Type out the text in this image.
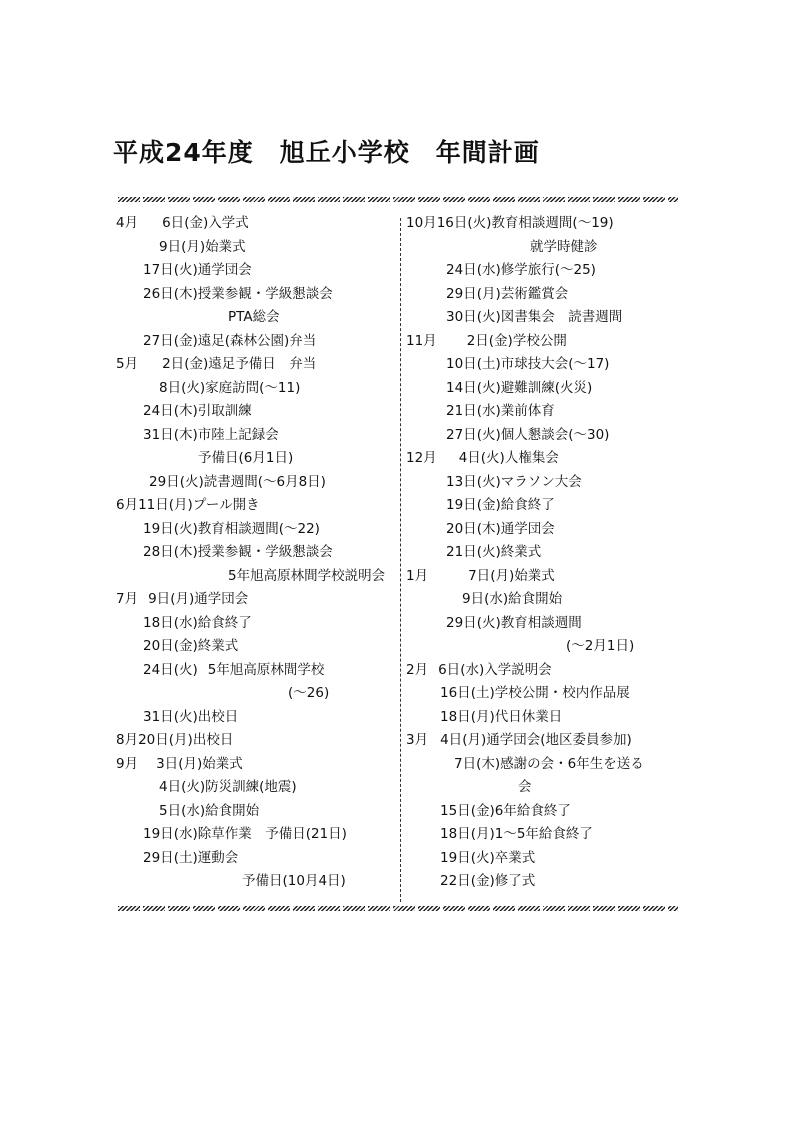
平成24年度　旭丘小学校　年間計画
4月 6日(金)入学式
9日(月)始業式
17日(火)通学団会
26日(木)授業参観・学級懇談会
PTA総会
27日(金)遠足(森林公園)弁当
5月 2日(金)遠足予備日　弁当
8日(火)家庭訪問(～11)
24日(木)引取訓練
31日(木)市陸上記録会
予備日(6月1日)
29日(火)読書週間(～6月8日)
6月11日(月)プール開き
19日(火)教育相談週間(～22)
28日(木)授業参観・学級懇談会
5年旭高原林間学校説明会
7月 9日(月)通学団会
18日(水)給食終了
20日(金)終業式
24日(火) 5年旭高原林間学校
(～26)
31日(火)出校日
8月20日(月)出校日
9月 3日(月)始業式
4日(火)防災訓練(地震)
5日(水)給食開始
19日(水)除草作業　予備日(21日)
29日(土)運動会
予備日(10月4日)
10月16日(火)教育相談週間(～19)
就学時健診
24日(水)修学旅行(～25)
29日(月)芸術鑑賞会
30日(火)図書集会　読書週間
11月 2日(金)学校公開
10日(土)市球技大会(～17)
14日(火)避難訓練(火災)
21日(水)業前体育
27日(火)個人懇談会(～30)
12月 4日(火)人権集会
13日(火)マラソン大会
19日(金)給食終了
20日(木)通学団会
21日(火)終業式
1月	7日(月)始業式
9日(水)給食開始
29日(火)教育相談週間
(～2月1日)
2月 6日(水)入学説明会
16日(土)学校公開・校内作品展
18日(月)代日休業日
3月 4日(月)通学団会(地区委員参加)
7日(木)感謝の会・6年生を送る
会
15日(金)6年給食終了
18日(月)1～5年給食終了
19日(火)卒業式
22日(金)修了式
